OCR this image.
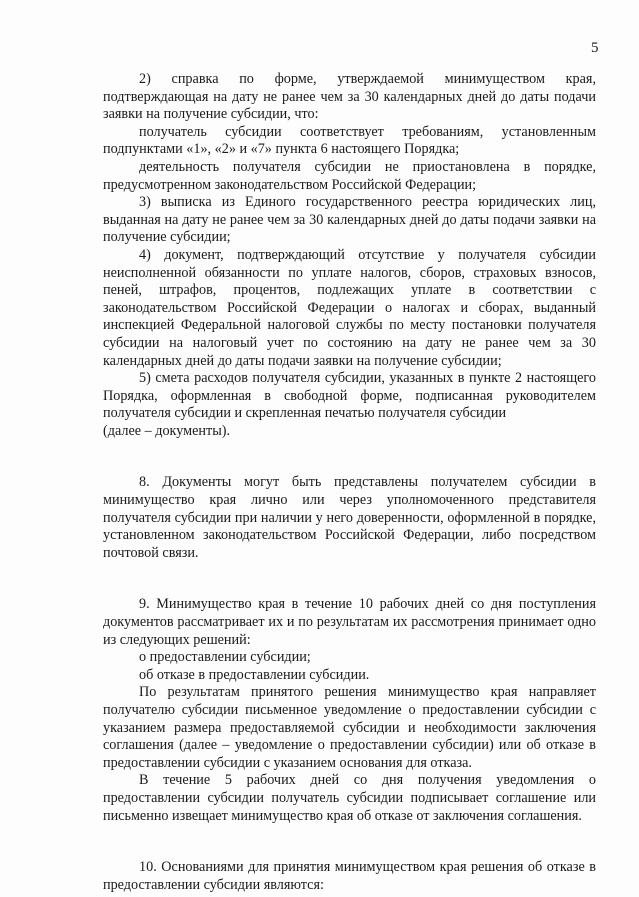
5

2) справка по форме, утверждаемой минимуществом края, подтверждающая на дату не ранее чем за 30 календарных дней до даты подачи заявки на получение субсидии, что:

получатель субсидии соответствует требованиям, установленным подпунктами «1», «2» и «7» пункта 6 настоящего Порядка;

деятельность получателя субсидии не приостановлена в порядке, предусмотренном законодательством Российской Федерации;

3) выписка из Единого государственного реестра юридических лиц, выданная на дату не ранее чем за 30 календарных дней до даты подачи заявки на получение субсидии;

4) документ, подтверждающий отсутствие у получателя субсидии неисполненной обязанности по уплате налогов, сборов, страховых взносов, пеней, штрафов, процентов, подлежащих уплате в соответствии с законодательством Российской Федерации о налогах и сборах, выданный инспекцией Федеральной налоговой службы по месту постановки получателя субсидии на налоговый учет по состоянию на дату не ранее чем за 30 календарных дней до даты подачи заявки на получение субсидии;

5) смета расходов получателя субсидии, указанных в пункте 2 настоящего Порядка, оформленная в свободной форме, подписанная руководителем получателя субсидии и скрепленная печатью получателя субсидии

(далее – документы).

8. Документы могут быть представлены получателем субсидии в минимущество края лично или через уполномоченного представителя получателя субсидии при наличии у него доверенности, оформленной в порядке, установленном законодательством Российской Федерации, либо посредством почтовой связи.

9. Минимущество края в течение 10 рабочих дней со дня поступления документов рассматривает их и по результатам их рассмотрения принимает одно из следующих решений:

о предоставлении субсидии;

об отказе в предоставлении субсидии.

По результатам принятого решения минимущество края направляет получателю субсидии письменное уведомление о предоставлении субсидии с указанием размера предоставляемой субсидии и необходимости заключения соглашения (далее – уведомление о предоставлении субсидии) или об отказе в предоставлении субсидии с указанием основания для отказа.

В течение 5 рабочих дней со дня получения уведомления о предоставлении субсидии получатель субсидии подписывает соглашение или письменно извещает минимущество края об отказе от заключения соглашения.

10. Основаниями для принятия минимуществом края решения об отказе в предоставлении субсидии являются:
